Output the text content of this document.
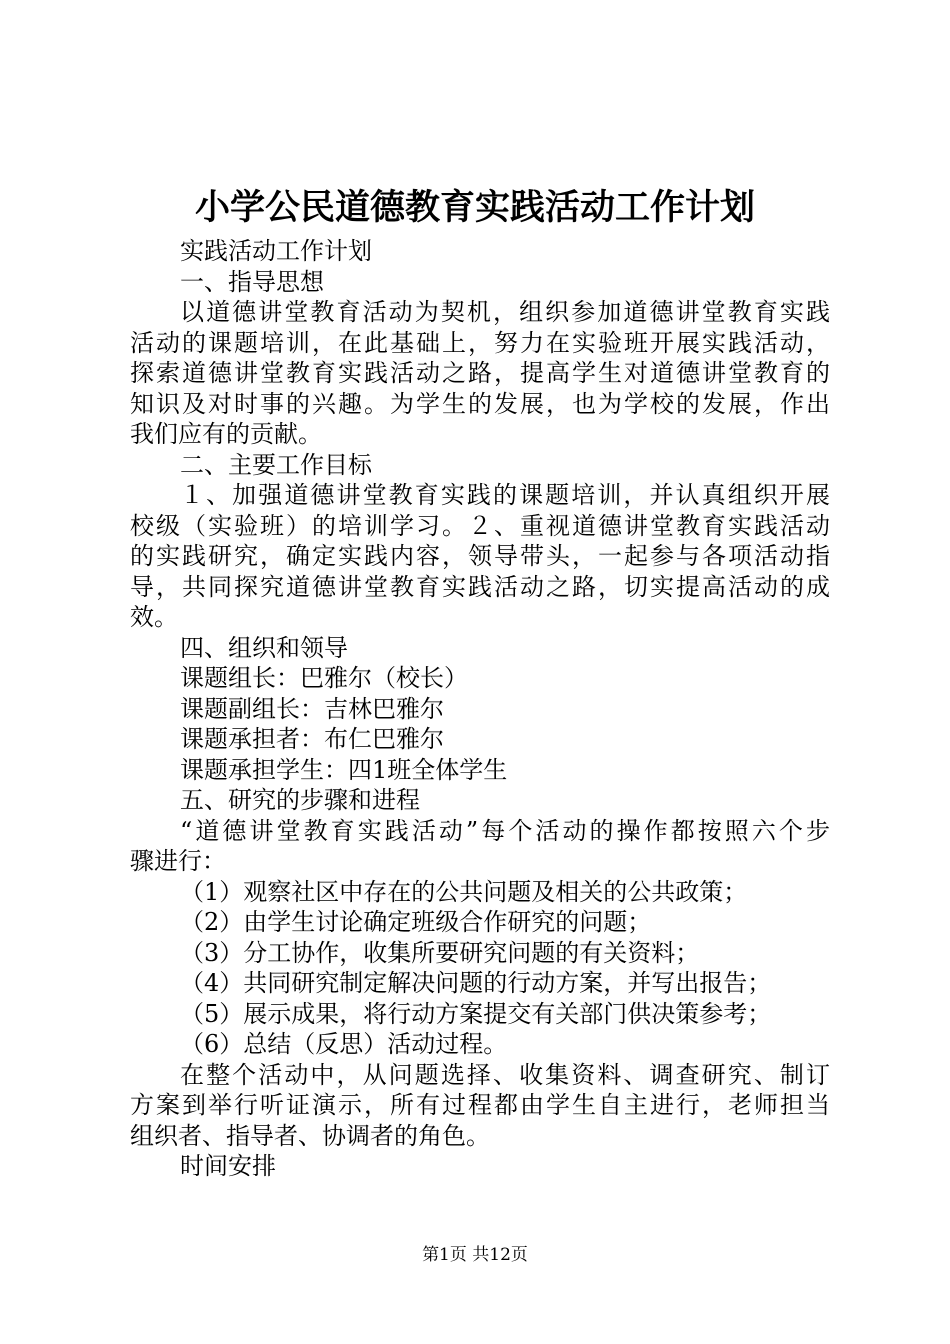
小学公民道德教育实践活动工作计划

实践活动工作计划

一、指导思想

以道德讲堂教育活动为契机，组织参加道德讲堂教育实践

活动的课题培训，在此基础上，努力在实验班开展实践活动，

探索道德讲堂教育实践活动之路，提高学生对道德讲堂教育的

知识及对时事的兴趣。为学生的发展，也为学校的发展，作出

我们应有的贡献。

二、主要工作目标

１、加强道德讲堂教育实践的课题培训，并认真组织开展

校级（实验班）的培训学习。２、重视道德讲堂教育实践活动

的实践研究，确定实践内容，领导带头，一起参与各项活动指

导，共同探究道德讲堂教育实践活动之路，切实提高活动的成

效。

四、组织和领导

课题组长：巴雅尔（校长）

课题副组长：吉林巴雅尔

课题承担者：布仁巴雅尔

课题承担学生：四1班全体学生

五、研究的步骤和进程

“道德讲堂教育实践活动”每个活动的操作都按照六个步

骤进行：

（1）观察社区中存在的公共问题及相关的公共政策；

（2）由学生讨论确定班级合作研究的问题；

（3）分工协作，收集所要研究问题的有关资料；

（4）共同研究制定解决问题的行动方案，并写出报告；

（5）展示成果，将行动方案提交有关部门供决策参考；

（6）总结（反思）活动过程。

在整个活动中，从问题选择、收集资料、调查研究、制订

方案到举行听证演示，所有过程都由学生自主进行，老师担当

组织者、指导者、协调者的角色。

时间安排

第1页 共12页
